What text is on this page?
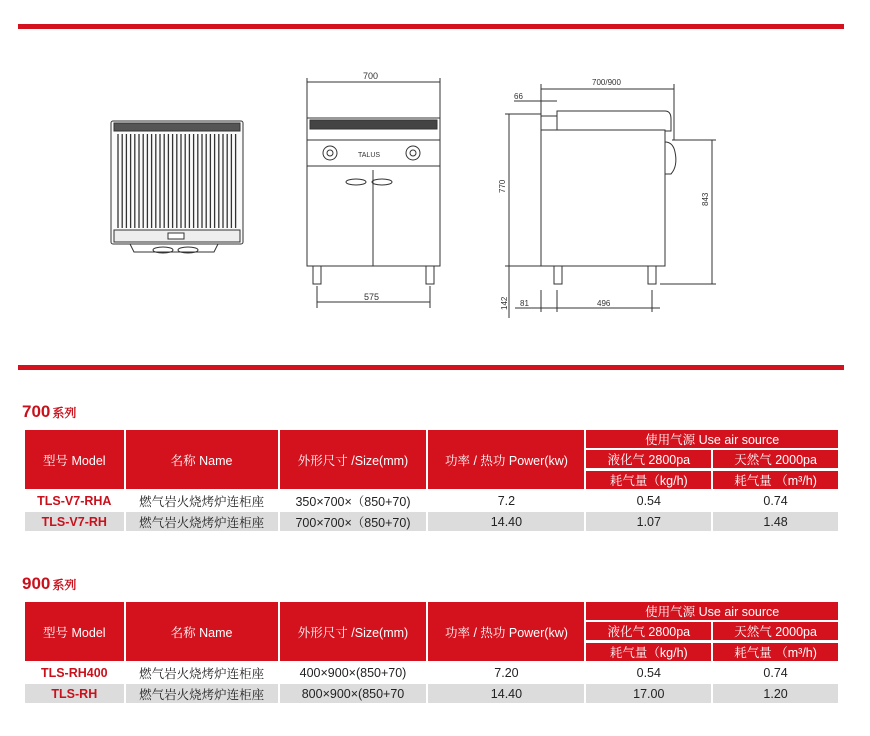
700
TALUS
575
700/900
66
770
843
142 81	496
700 系列
型号 Model	名称 Name	外形尺寸 /Size(mm)	功率 / 热功 Power(kw)	使用气源 Use air source	
				液化气 2800pa	天然气 2000pa
				耗气量（kg/h)	耗气量 （m³/h)
TLS-V7-RHA	燃气岩火烧烤炉连柜座	350×700×（850+70)	7.2	0.54	0.74
TLS-V7-RH	燃气岩火烧烤炉连柜座	700×700×（850+70)	14.40	1.07	1.48
900 系列
型号 Model	名称 Name	外形尺寸 /Size(mm)	功率 / 热功 Power(kw)	使用气源 Use air source	
				液化气 2800pa	天然气 2000pa
				耗气量（kg/h)	耗气量 （m³/h)
TLS-RH400	燃气岩火烧烤炉连柜座	400×900×(850+70)	7.20	0.54	0.74
TLS-RH	燃气岩火烧烤炉连柜座	800×900×(850+70	14.40	17.00	1.20
